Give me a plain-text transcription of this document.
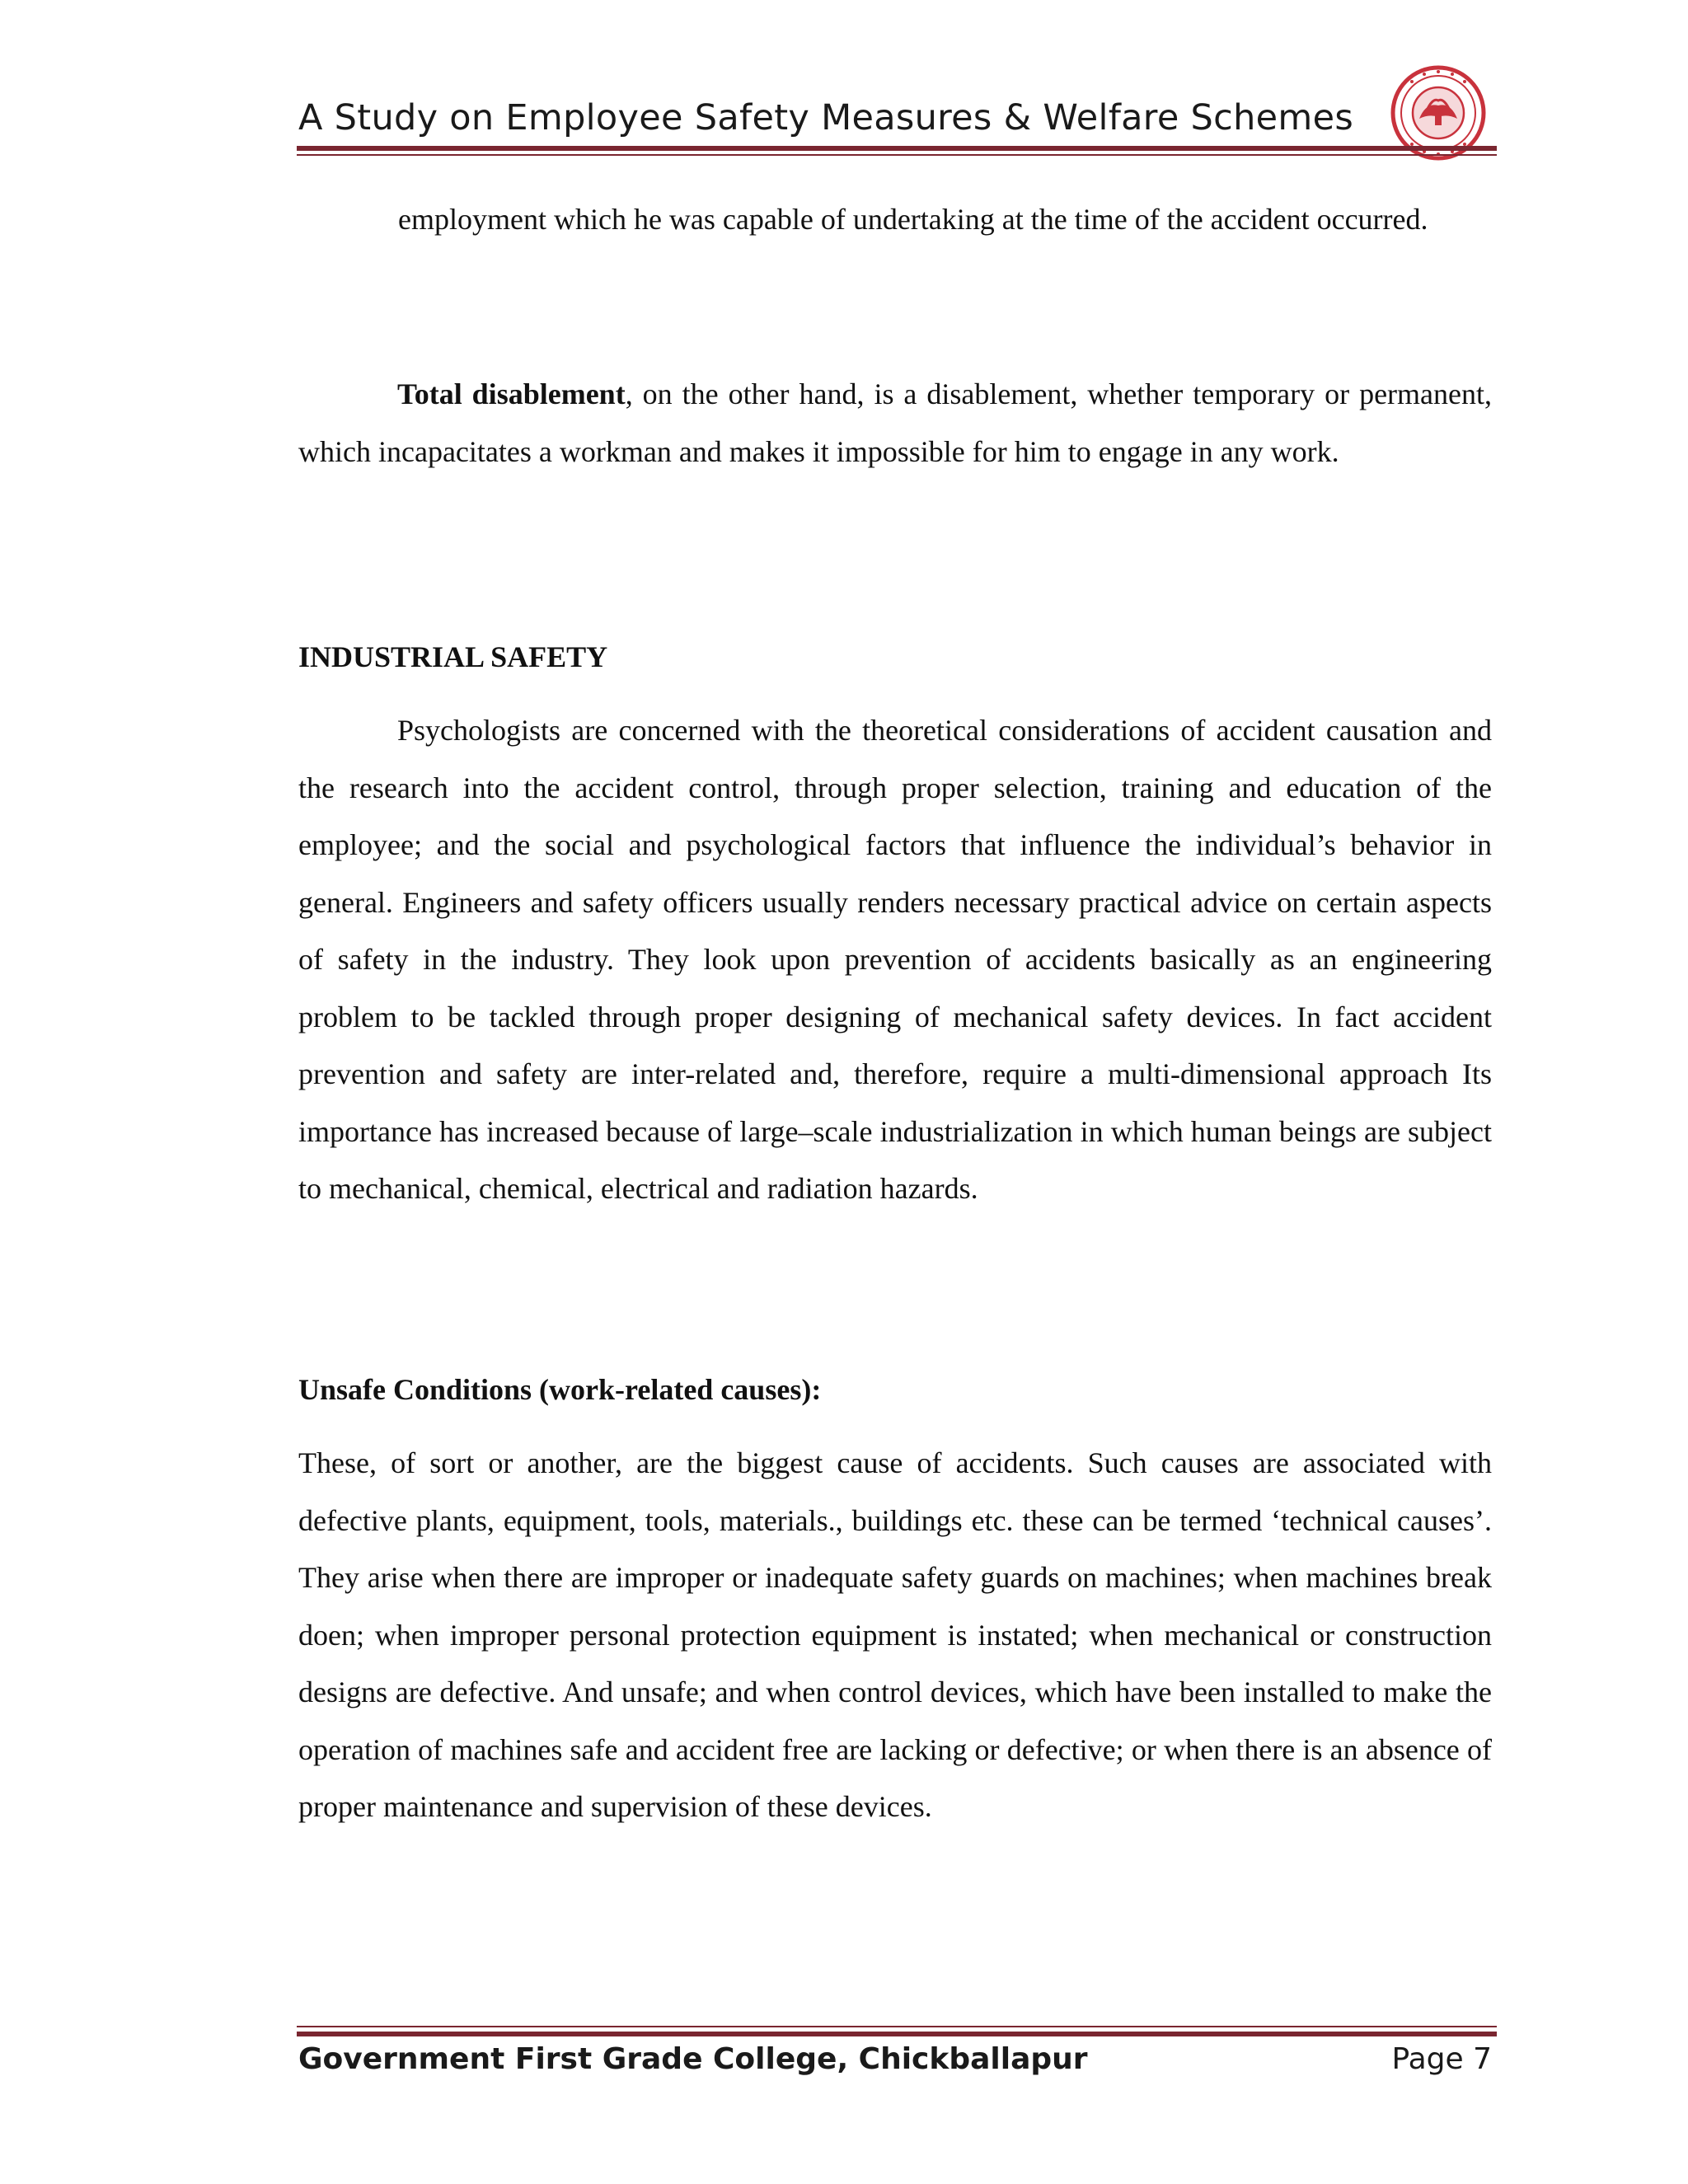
A Study on Employee Safety Measures & Welfare Schemes

employment which he was capable of undertaking at the time of the accident occurred.

Total disablement, on the other hand, is a disablement, whether temporary or permanent, which incapacitates a workman and makes it impossible for him to engage in any work.

INDUSTRIAL SAFETY

Psychologists are concerned with the theoretical considerations of accident causation and the research into the accident control, through proper selection, training and education of the employee; and the social and psychological factors that influence the individual’s behavior in general. Engineers and safety officers usually renders necessary practical advice on certain aspects of safety in the industry. They look upon prevention of accidents basically as an engineering problem to be tackled through proper designing of mechanical safety devices. In fact accident prevention and safety are inter-related and, therefore, require a multi-dimensional approach Its importance has increased because of large–scale industrialization in which human beings are subject to mechanical, chemical, electrical and radiation hazards.

Unsafe Conditions (work-related causes):

These, of sort or another, are the biggest cause of accidents. Such causes are associated with defective plants, equipment, tools, materials., buildings etc. these can be termed ‘technical causes’. They arise when there are improper or inadequate safety guards on machines; when machines break doen; when improper personal protection equipment is instated; when mechanical or construction designs are defective. And unsafe; and when control devices, which have been installed to make the operation of machines safe and accident free are lacking or defective; or when there is an absence of proper maintenance and supervision of these devices.

Government First Grade College, Chickballapur	Page 7
